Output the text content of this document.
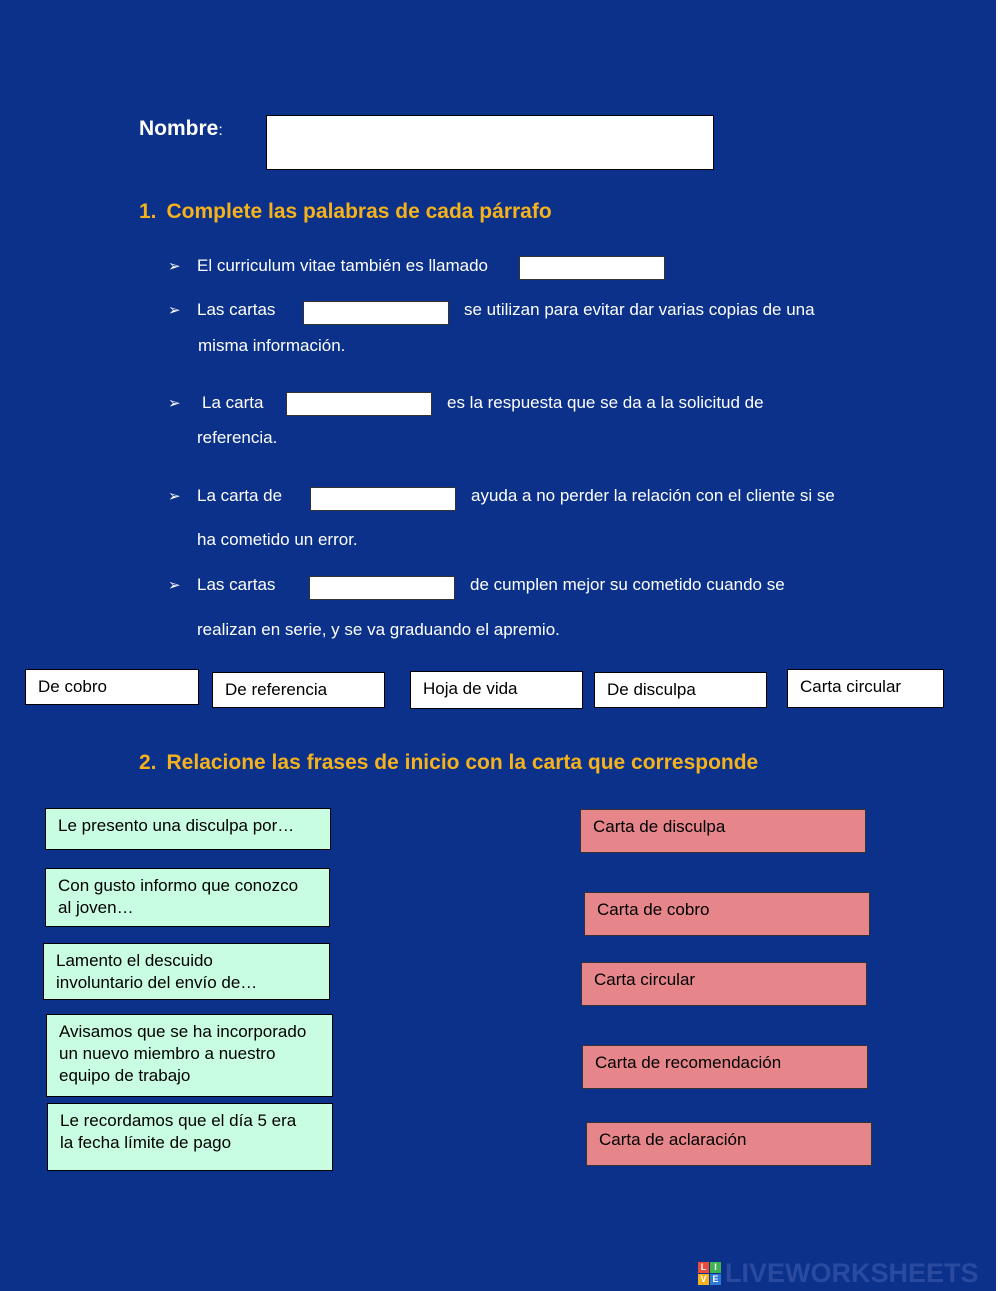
Nombre:
1. Complete las palabras de cada párrafo
➢ El curriculum vitae también es llamado
➢ Las cartas	se utilizan para evitar dar varias copias de una
misma información.
➢ La carta	es la respuesta que se da a la solicitud de
referencia.
➢ La carta de	ayuda a no perder la relación con el cliente si se
ha cometido un error.
➢ Las cartas	de cumplen mejor su cometido cuando se
realizan en serie, y se va graduando el apremio.
De cobro	De referencia	Hoja de vida	De disculpa	Carta circular
2. Relacione las frases de inicio con la carta que corresponde
Le presento una disculpa por…
Con gusto informo que conozco
al joven…
Lamento el descuido
involuntario del envío de…
Avisamos que se ha incorporado
un nuevo miembro a nuestro
equipo de trabajo
Le recordamos que el día 5 era
la fecha límite de pago
Carta de disculpa
Carta de cobro
Carta circular
Carta de recomendación
Carta de aclaración
L I
V E LIVEWORKSHEETS
